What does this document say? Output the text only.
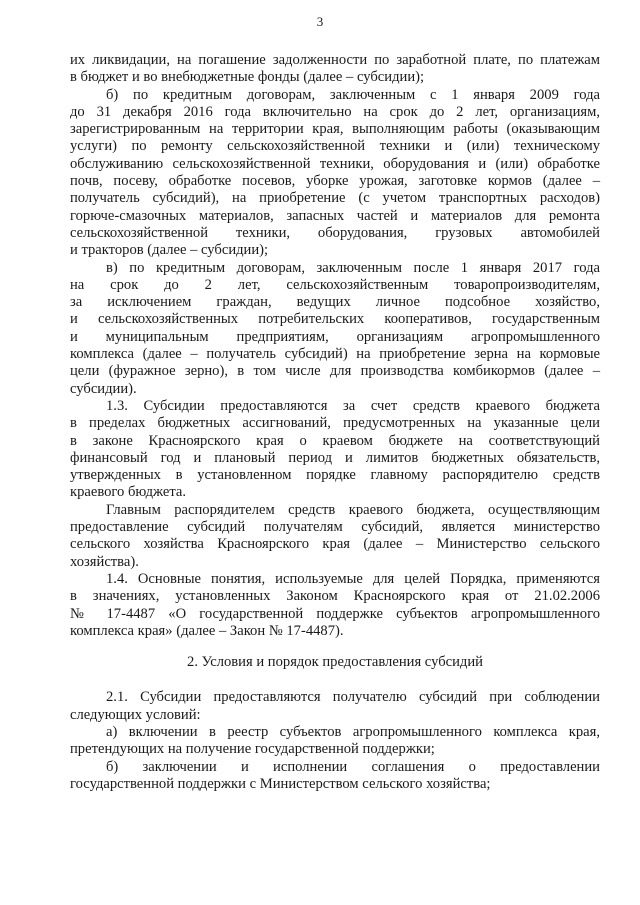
3
их ликвидации, на погашение задолженности по заработной плате, по платежам
в бюджет и во внебюджетные фонды (далее – субсидии);
б) по кредитным договорам, заключенным с 1 января 2009 года
до 31 декабря 2016 года включительно на срок до 2 лет, организациям,
зарегистрированным на территории края, выполняющим работы (оказывающим
услуги) по ремонту сельскохозяйственной техники и (или) техническому
обслуживанию сельскохозяйственной техники, оборудования и (или) обработке
почв, посеву, обработке посевов, уборке урожая, заготовке кормов (далее –
получатель субсидий), на приобретение (с учетом транспортных расходов)
горюче-смазочных материалов, запасных частей и материалов для ремонта
сельскохозяйственной техники, оборудования, грузовых автомобилей
и тракторов (далее – субсидии);
в) по кредитным договорам, заключенным после 1 января 2017 года
на срок до 2 лет, сельскохозяйственным товаропроизводителям,
за исключением граждан, ведущих личное подсобное хозяйство,
и сельскохозяйственных потребительских кооперативов, государственным
и муниципальным предприятиям, организациям агропромышленного
комплекса (далее – получатель субсидий) на приобретение зерна на кормовые
цели (фуражное зерно), в том числе для производства комбикормов (далее –
субсидии).
1.3. Субсидии предоставляются за счет средств краевого бюджета
в пределах бюджетных ассигнований, предусмотренных на указанные цели
в законе Красноярского края о краевом бюджете на соответствующий
финансовый год и плановый период и лимитов бюджетных обязательств,
утвержденных в установленном порядке главному распорядителю средств
краевого бюджета.
Главным распорядителем средств краевого бюджета, осуществляющим
предоставление субсидий получателям субсидий, является министерство
сельского хозяйства Красноярского края (далее – Министерство сельского
хозяйства).
1.4. Основные понятия, используемые для целей Порядка, применяются
в значениях, установленных Законом Красноярского края от 21.02.2006
№ 17-4487 «О государственной поддержке субъектов агропромышленного
комплекса края» (далее – Закон № 17-4487).
2. Условия и порядок предоставления субсидий
2.1. Субсидии предоставляются получателю субсидий при соблюдении
следующих условий:
а) включении в реестр субъектов агропромышленного комплекса края,
претендующих на получение государственной поддержки;
б) заключении и исполнении соглашения о предоставлении
государственной поддержки с Министерством сельского хозяйства;
